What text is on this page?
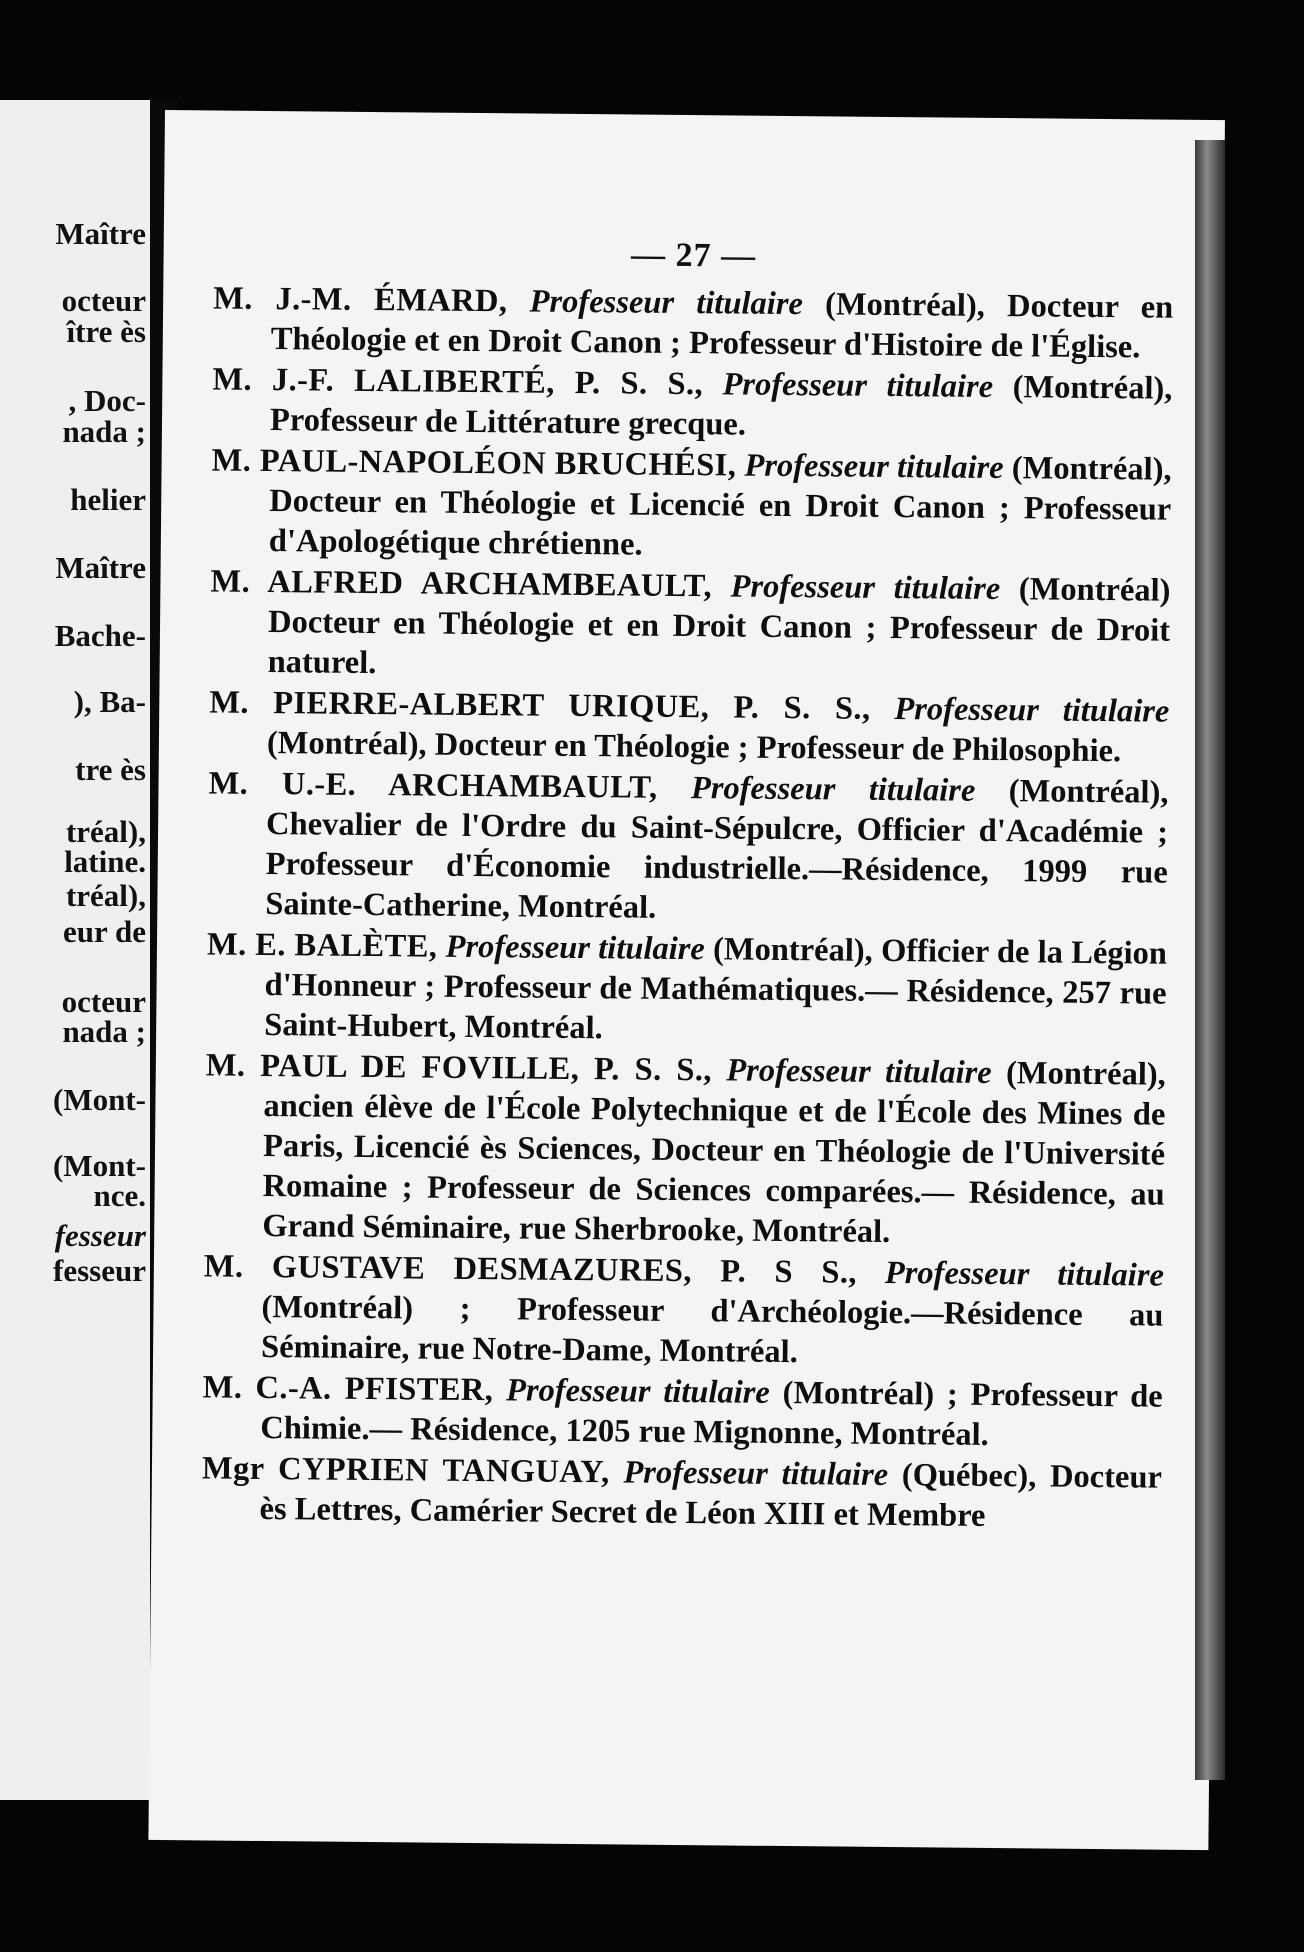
Maître
octeur
ître ès
, Doc-
nada ;
helier
Maître
Bache-
), Ba-
tre ès
tréal),
latine.
tréal),
eur de
octeur
nada ;
(Mont-
(Mont-
nce.
fesseur
fesseur
— 27 —
M. J.-M. ÉMARD, Professeur titulaire (Montréal), Docteur en Théologie et en Droit Canon ; Professeur d'Histoire de l'Église.
M. J.-F. LALIBERTÉ, P. S. S., Professeur titulaire (Montréal), Professeur de Littérature grecque.
M. PAUL-NAPOLÉON BRUCHÉSI, Professeur titulaire (Montréal), Docteur en Théologie et Licencié en Droit Canon ; Professeur d'Apologétique chrétienne.
M. ALFRED ARCHAMBEAULT, Professeur titulaire (Montréal) Docteur en Théologie et en Droit Canon ; Professeur de Droit naturel.
M. PIERRE-ALBERT URIQUE, P. S. S., Professeur titulaire (Montréal), Docteur en Théologie ; Professeur de Philosophie.
M. U.-E. ARCHAMBAULT, Professeur titulaire (Montréal), Chevalier de l'Ordre du Saint-Sépulcre, Officier d'Académie ; Professeur d'Économie industrielle.—Résidence, 1999 rue Sainte-Catherine, Montréal.
M. E. BALÈTE, Professeur titulaire (Montréal), Officier de la Légion d'Honneur ; Professeur de Mathématiques.— Résidence, 257 rue Saint-Hubert, Montréal.
M. PAUL DE FOVILLE, P. S. S., Professeur titulaire (Montréal), ancien élève de l'École Polytechnique et de l'École des Mines de Paris, Licencié ès Sciences, Docteur en Théologie de l'Université Romaine ; Professeur de Sciences comparées.— Résidence, au Grand Séminaire, rue Sherbrooke, Montréal.
M. GUSTAVE DESMAZURES, P. S S., Professeur titulaire (Montréal) ; Professeur d'Archéologie.—Résidence au Séminaire, rue Notre-Dame, Montréal.
M. C.-A. PFISTER, Professeur titulaire (Montréal) ; Professeur de Chimie.— Résidence, 1205 rue Mignonne, Montréal.
Mgr CYPRIEN TANGUAY, Professeur titulaire (Québec), Docteur ès Lettres, Camérier Secret de Léon XIII et Membre
